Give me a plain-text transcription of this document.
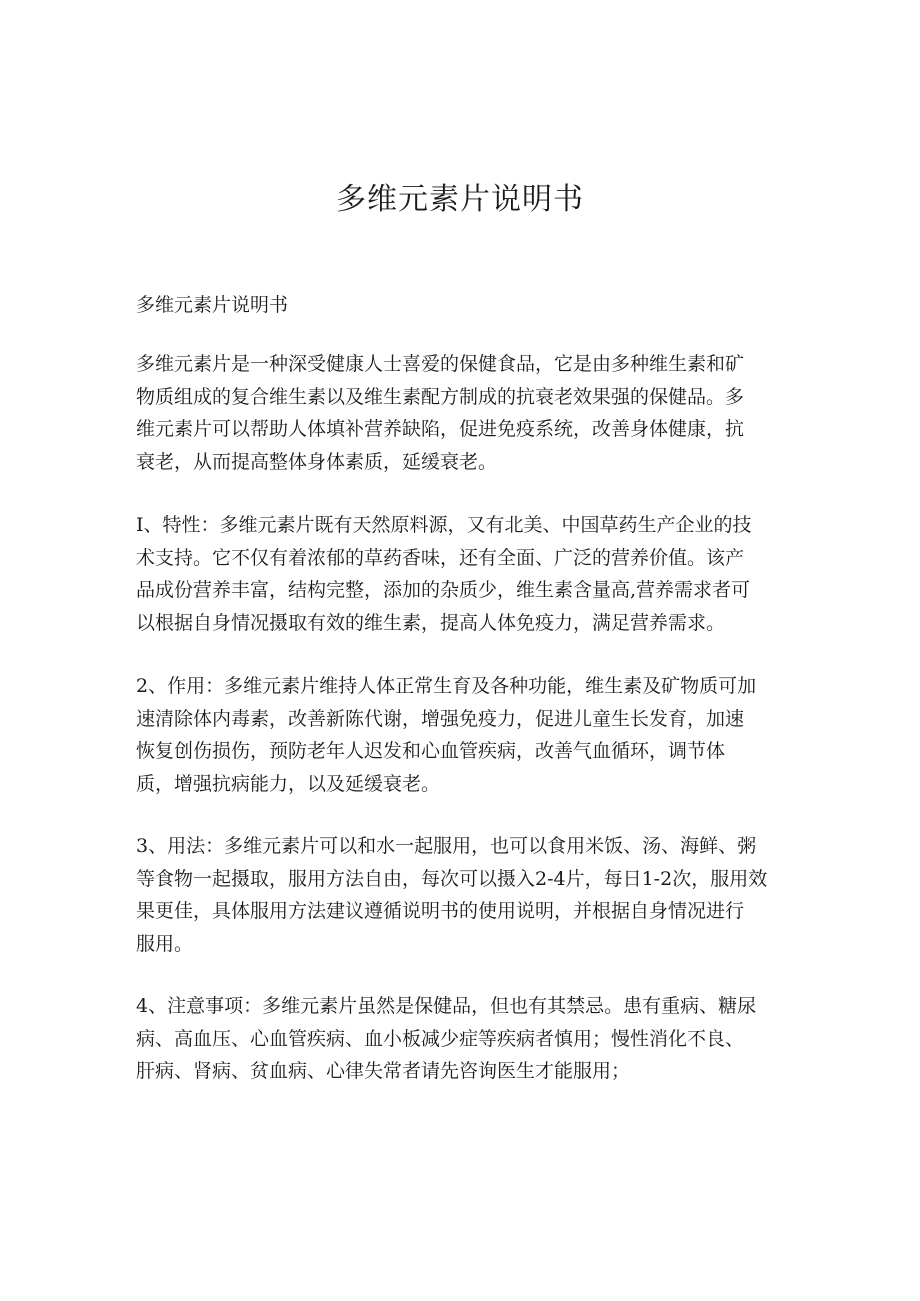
多维元素片说明书

多维元素片说明书

多维元素片是一种深受健康人士喜爱的保健食品，它是由多种维生素和矿
物质组成的复合维生素以及维生素配方制成的抗衰老效果强的保健品。多
维元素片可以帮助人体填补营养缺陷，促进免疫系统，改善身体健康，抗
衰老，从而提高整体身体素质，延缓衰老。

I、特性：多维元素片既有天然原料源，又有北美、中国草药生产企业的技
术支持。它不仅有着浓郁的草药香味，还有全面、广泛的营养价值。该产
品成份营养丰富，结构完整，添加的杂质少，维生素含量高,营养需求者可
以根据自身情况摄取有效的维生素，提高人体免疫力，满足营养需求。

2、作用：多维元素片维持人体正常生育及各种功能，维生素及矿物质可加
速清除体内毒素，改善新陈代谢，增强免疫力，促进儿童生长发育，加速
恢复创伤损伤，预防老年人迟发和心血管疾病，改善气血循环，调节体
质，增强抗病能力，以及延缓衰老。

3、用法：多维元素片可以和水一起服用，也可以食用米饭、汤、海鲜、粥
等食物一起摄取，服用方法自由，每次可以摄入2-4片，每日1-2次，服用效
果更佳，具体服用方法建议遵循说明书的使用说明，并根据自身情况进行
服用。

4、注意事项：多维元素片虽然是保健品，但也有其禁忌。患有重病、糖尿
病、高血压、心血管疾病、血小板减少症等疾病者慎用；慢性消化不良、
肝病、肾病、贫血病、心律失常者请先咨询医生才能服用；
